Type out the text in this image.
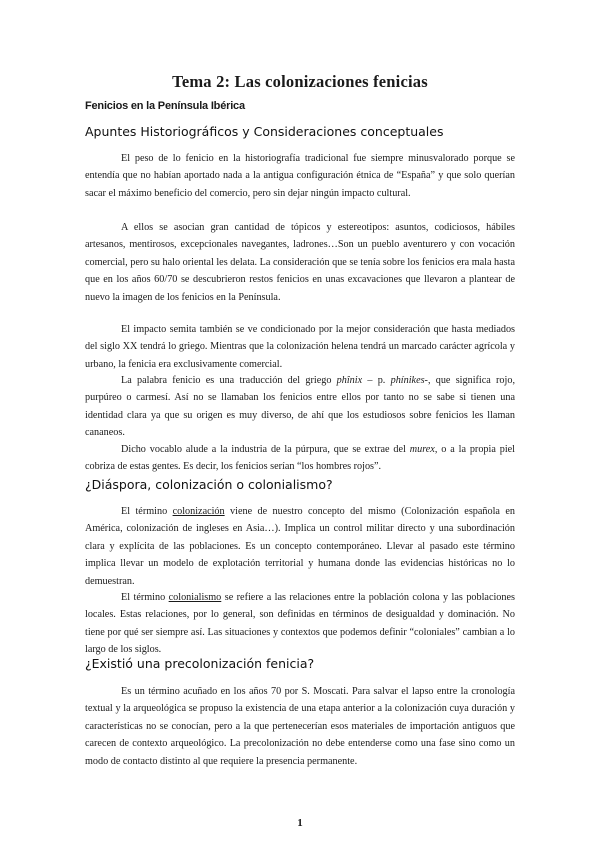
Tema 2: Las colonizaciones fenicias
Fenicios en la Península Ibérica
Apuntes Historiográficos y Consideraciones conceptuales

El peso de lo fenicio en la historiografía tradicional fue siempre minusvalorado porque se entendía que no habían aportado nada a la antigua configuración étnica de “España” y que solo querían sacar el máximo beneficio del comercio, pero sin dejar ningún impacto cultural.

A ellos se asocian gran cantidad de tópicos y estereotipos: asuntos, codiciosos, hábiles artesanos, mentirosos, excepcionales navegantes, ladrones…Son un pueblo aventurero y con vocación comercial, pero su halo oriental les delata. La consideración que se tenía sobre los fenicios era mala hasta que en los años 60/70 se descubrieron restos fenicios en unas excavaciones que llevaron a plantear de nuevo la imagen de los fenicios en la Península.

El impacto semita también se ve condicionado por la mejor consideración que hasta mediados del siglo XX tendrá lo griego. Mientras que la colonización helena tendrá un marcado carácter agrícola y urbano, la fenicia era exclusivamente comercial.

La palabra fenicio es una traducción del griego phînix – p. phínikes-, que significa rojo, purpúreo o carmesí. Así no se llamaban los fenicios entre ellos por tanto no se sabe si tienen una identidad clara ya que su origen es muy diverso, de ahí que los estudiosos sobre fenicios les llaman cananeos.

Dicho vocablo alude a la industria de la púrpura, que se extrae del murex, o a la propia piel cobriza de estas gentes. Es decir, los fenicios serían “los hombres rojos”.

¿Diáspora, colonización o colonialismo?

El término colonización viene de nuestro concepto del mismo (Colonización española en América, colonización de ingleses en Asia…). Implica un control militar directo y una subordinación clara y explícita de las poblaciones. Es un concepto contemporáneo. Llevar al pasado este término implica llevar un modelo de explotación territorial y humana donde las evidencias históricas no lo demuestran.

El término colonialismo se refiere a las relaciones entre la población colona y las poblaciones locales. Estas relaciones, por lo general, son definidas en términos de desigualdad y dominación. No tiene por qué ser siempre así. Las situaciones y contextos que podemos definir “coloniales” cambian a lo largo de los siglos.

¿Existió una precolonización fenicia?

Es un término acuñado en los años 70 por S. Moscati. Para salvar el lapso entre la cronología textual y la arqueológica se propuso la existencia de una etapa anterior a la colonización cuya duración y características no se conocían, pero a la que pertenecerían esos materiales de importación antiguos que carecen de contexto arqueológico. La precolonización no debe entenderse como una fase sino como un modo de contacto distinto al que requiere la presencia permanente.

1
